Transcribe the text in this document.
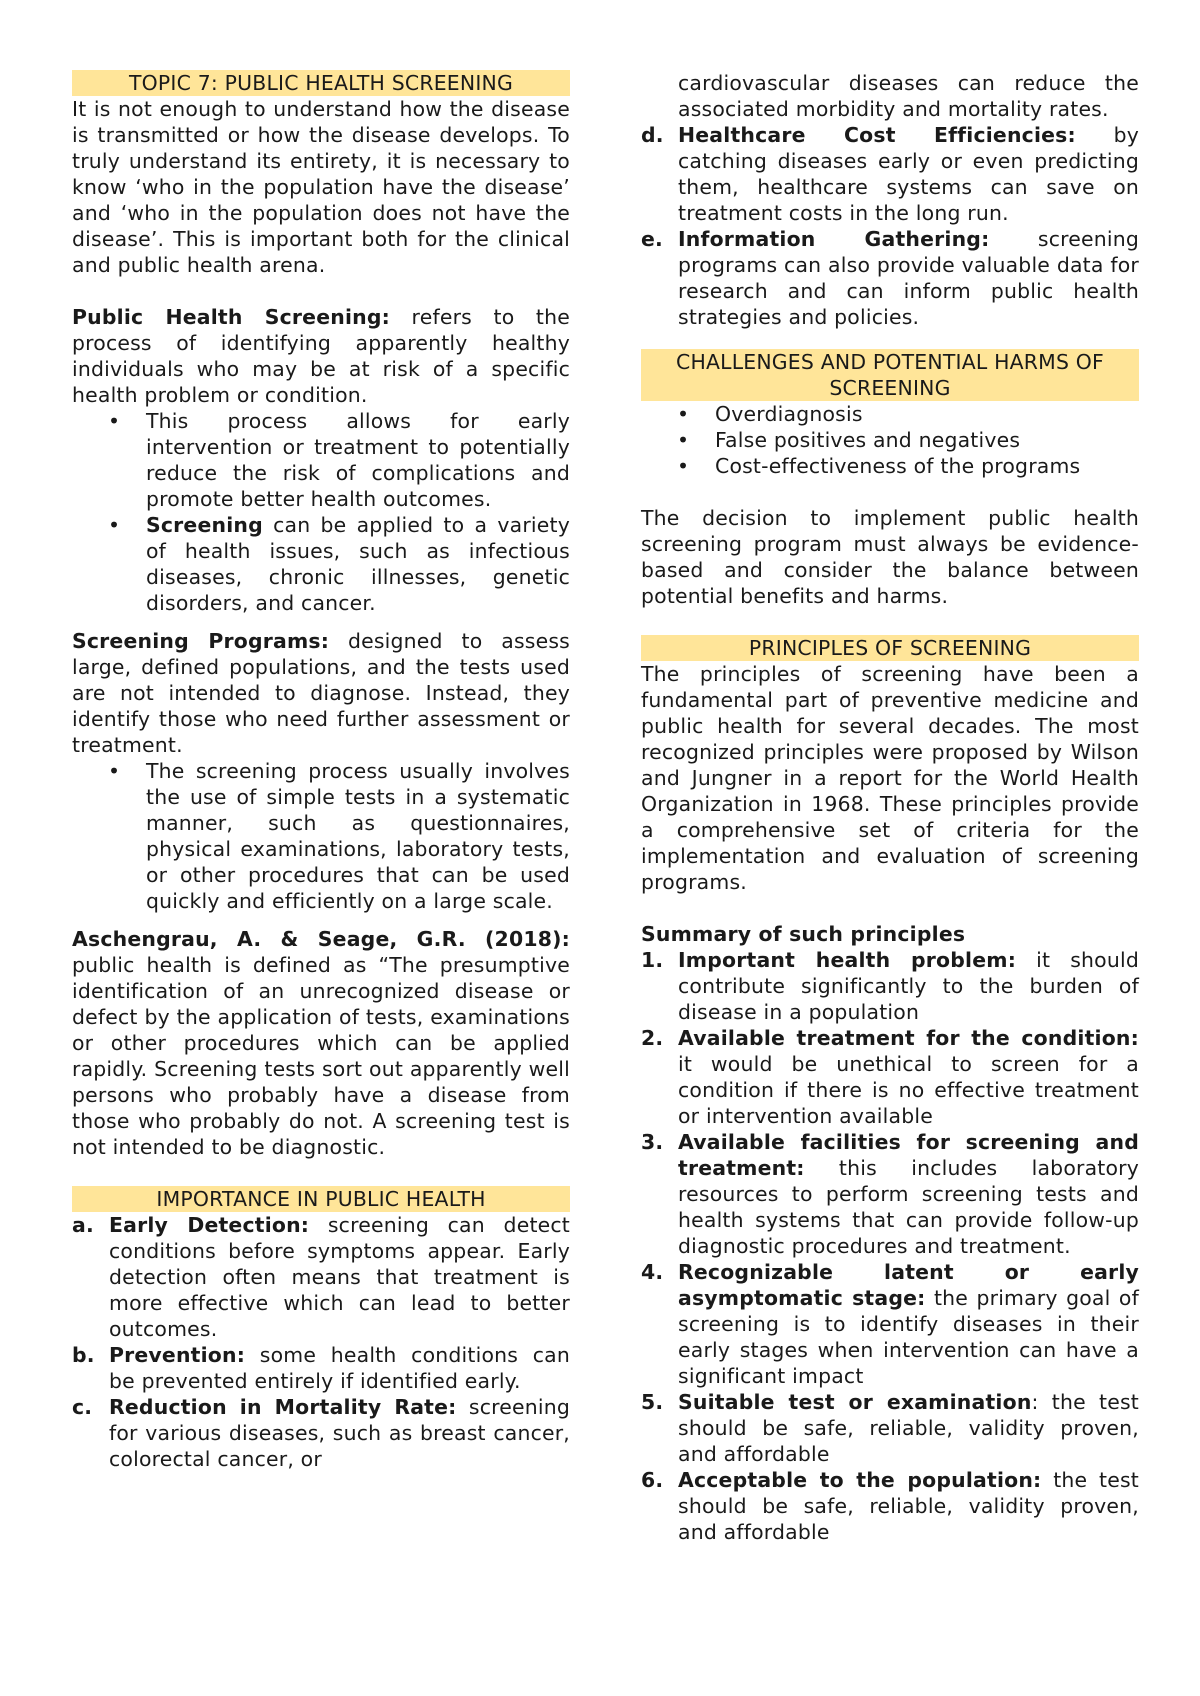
TOPIC 7: PUBLIC HEALTH SCREENING

It is not enough to understand how the disease is transmitted or how the disease develops. To truly understand its entirety, it is necessary to know ‘who in the population have the disease’ and ‘who in the population does not have the disease’. This is important both for the clinical and public health arena.

Public Health Screening: refers to the process of identifying apparently healthy individuals who may be at risk of a specific health problem or condition.

• This process allows for early intervention or treatment to potentially reduce the risk of complications and promote better health outcomes.
• Screening can be applied to a variety of health issues, such as infectious diseases, chronic illnesses, genetic disorders, and cancer.

Screening Programs: designed to assess large, defined populations, and the tests used are not intended to diagnose. Instead, they identify those who need further assessment or treatment.

• The screening process usually involves the use of simple tests in a systematic manner, such as questionnaires, physical examinations, laboratory tests, or other procedures that can be used quickly and efficiently on a large scale.

Aschengrau, A. & Seage, G.R. (2018): public health is defined as “The presumptive identification of an unrecognized disease or defect by the application of tests, examinations or other procedures which can be applied rapidly. Screening tests sort out apparently well persons who probably have a disease from those who probably do not. A screening test is not intended to be diagnostic.

IMPORTANCE IN PUBLIC HEALTH
a. Early Detection: screening can detect conditions before symptoms appear. Early detection often means that treatment is more effective which can lead to better outcomes.
b. Prevention: some health conditions can be prevented entirely if identified early.
c. Reduction in Mortality Rate: screening for various diseases, such as breast cancer, colorectal cancer, or
cardiovascular diseases can reduce the associated morbidity and mortality rates.
d. Healthcare Cost Efficiencies: by catching diseases early or even predicting them, healthcare systems can save on treatment costs in the long run.
e. Information Gathering: screening programs can also provide valuable data for research and can inform public health strategies and policies.
CHALLENGES AND POTENTIAL HARMS OF SCREENING
• Overdiagnosis
• False positives and negatives
• Cost-effectiveness of the programs

The decision to implement public health screening program must always be evidence-based and consider the balance between potential benefits and harms.

PRINCIPLES OF SCREENING

The principles of screening have been a fundamental part of preventive medicine and public health for several decades. The most recognized principles were proposed by Wilson and Jungner in a report for the World Health Organization in 1968. These principles provide a comprehensive set of criteria for the implementation and evaluation of screening programs.

Summary of such principles

1. Important health problem: it should contribute significantly to the burden of disease in a population
2. Available treatment for the condition: it would be unethical to screen for a condition if there is no effective treatment or intervention available
3. Available facilities for screening and treatment: this includes laboratory resources to perform screening tests and health systems that can provide follow-up diagnostic procedures and treatment.
4. Recognizable latent or early asymptomatic stage: the primary goal of screening is to identify diseases in their early stages when intervention can have a significant impact
5. Suitable test or examination: the test should be safe, reliable, validity proven, and affordable
6. Acceptable to the population: the test should be safe, reliable, validity proven, and affordable
